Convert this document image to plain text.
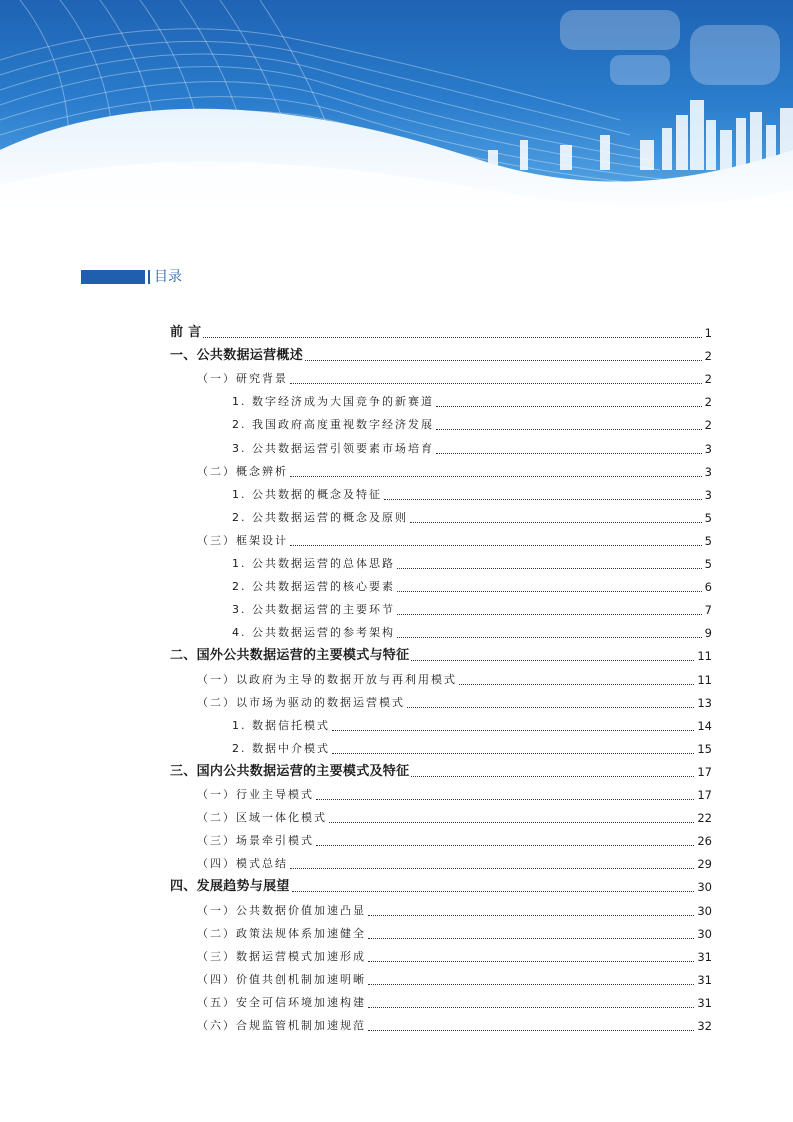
目录
前 言	1
一、公共数据运营概述	2
（一）研究背景	2
1. 数字经济成为大国竞争的新赛道	2
2. 我国政府高度重视数字经济发展	2
3. 公共数据运营引领要素市场培育	3
（二）概念辨析	3
1. 公共数据的概念及特征	3
2. 公共数据运营的概念及原则	5
（三）框架设计	5
1. 公共数据运营的总体思路	5
2. 公共数据运营的核心要素	6
3. 公共数据运营的主要环节	7
4. 公共数据运营的参考架构	9
二、国外公共数据运营的主要模式与特征	11
（一）以政府为主导的数据开放与再利用模式	11
（二）以市场为驱动的数据运营模式	13
1. 数据信托模式	14
2. 数据中介模式	15
三、国内公共数据运营的主要模式及特征	17
（一）行业主导模式	17
（二）区域一体化模式	22
（三）场景牵引模式	26
（四）模式总结	29
四、发展趋势与展望	30
（一）公共数据价值加速凸显	30
（二）政策法规体系加速健全	30
（三）数据运营模式加速形成	31
（四）价值共创机制加速明晰	31
（五）安全可信环境加速构建	31
（六）合规监管机制加速规范	32
